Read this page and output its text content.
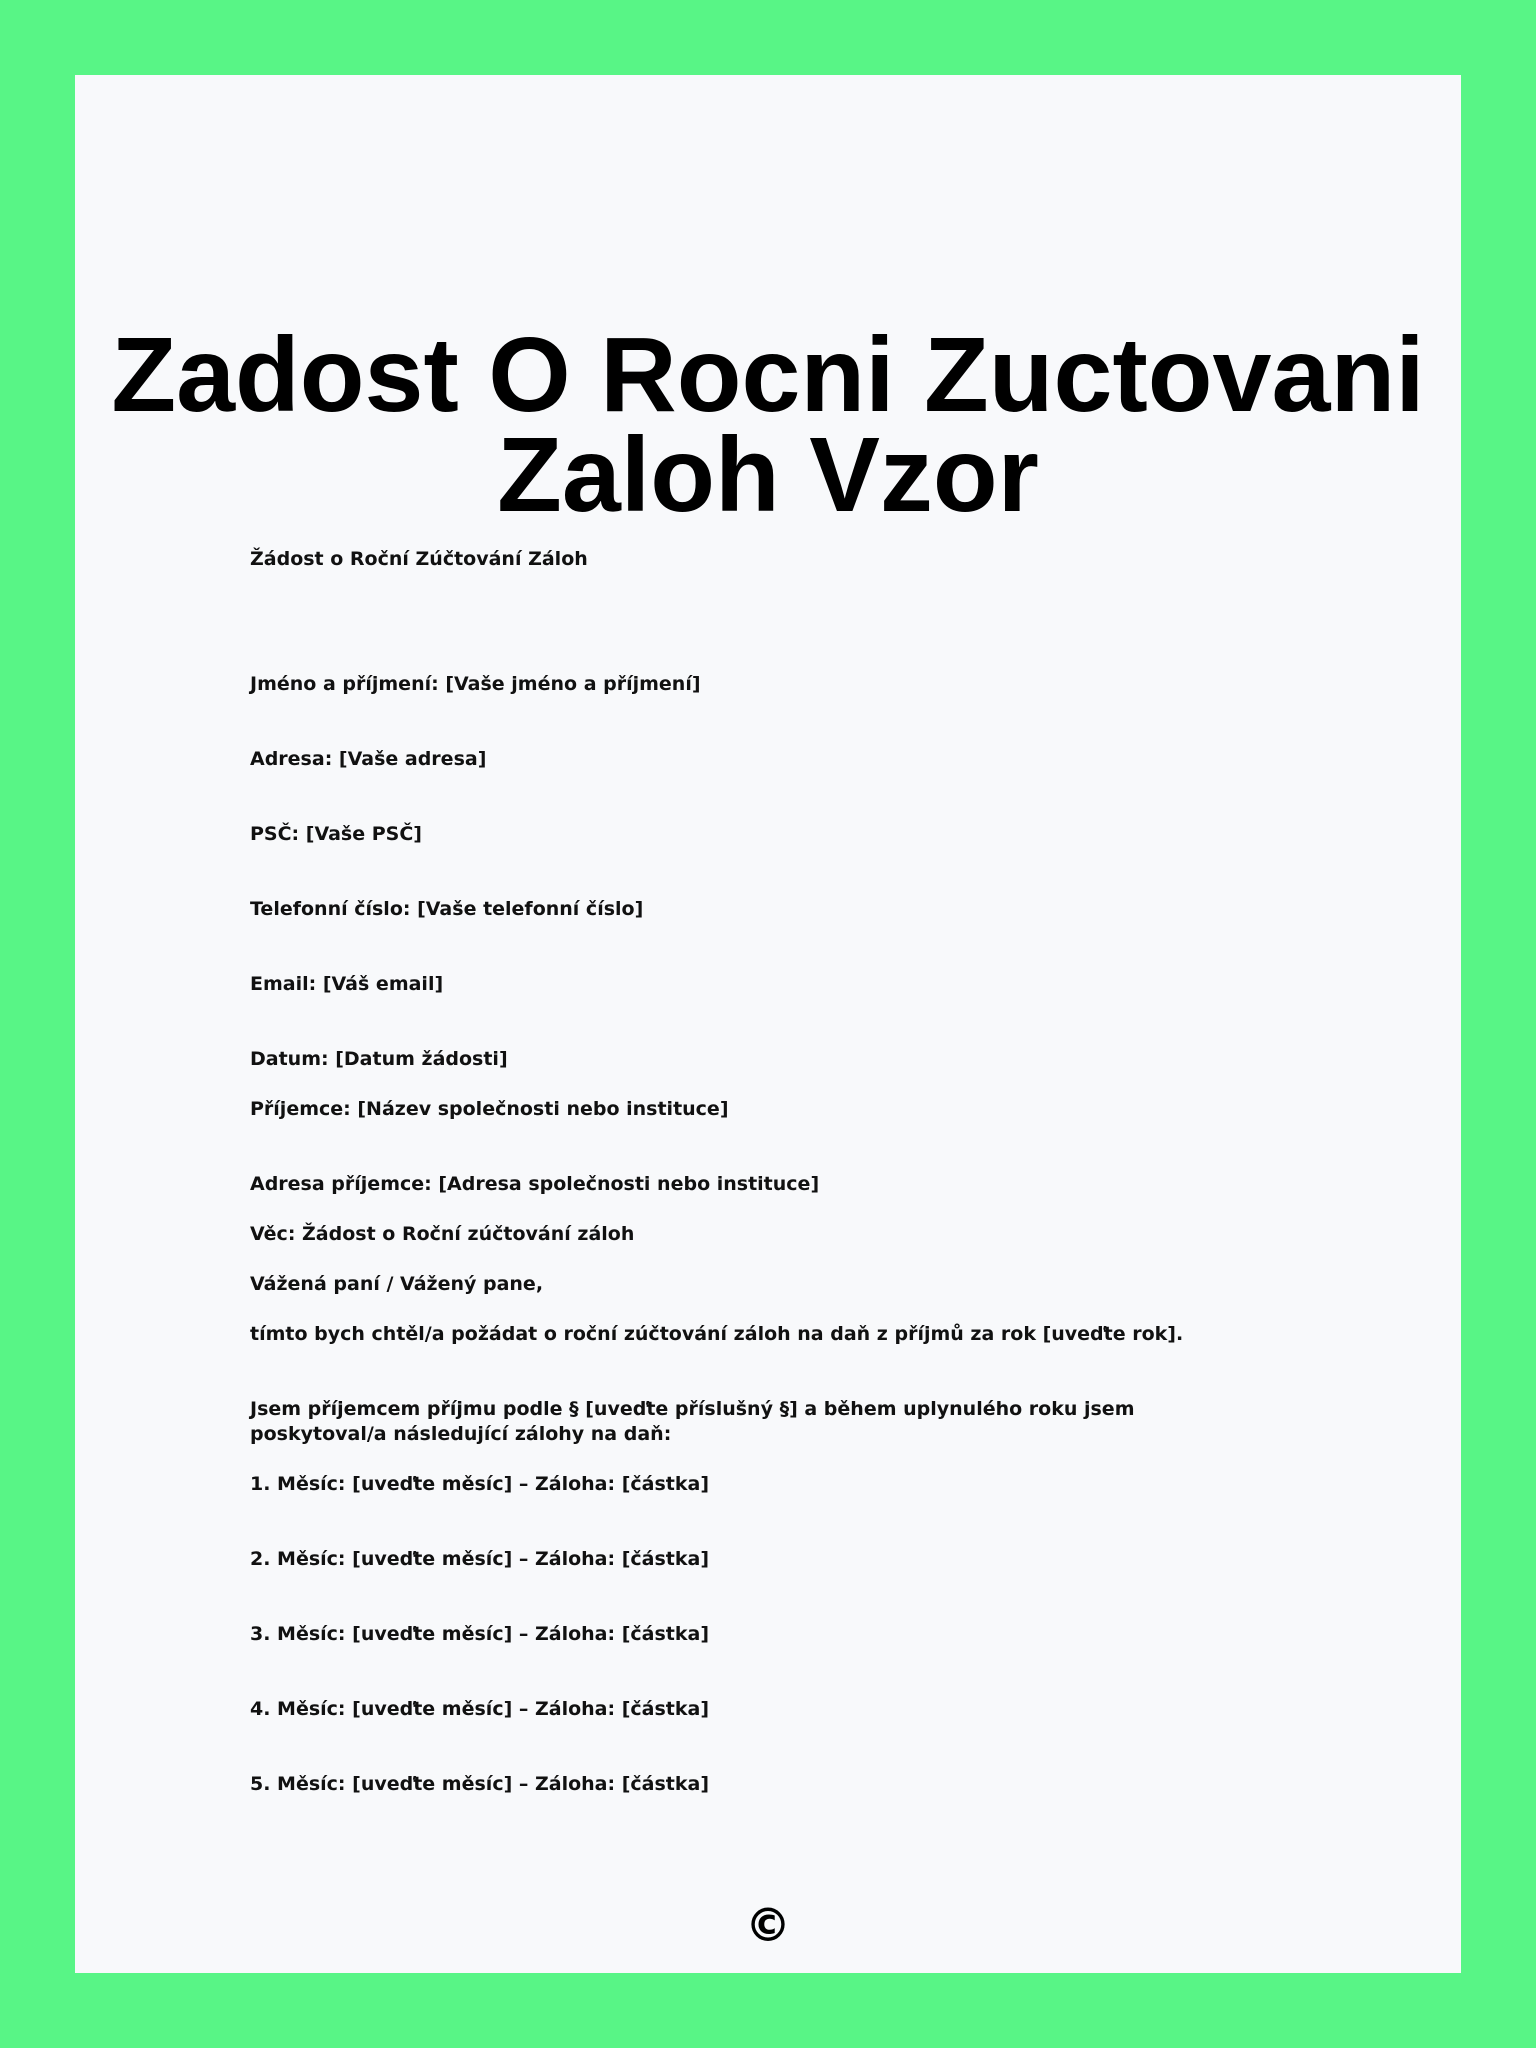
Zadost O Rocni Zuctovani Zaloh Vzor

Žádost o Roční Zúčtování Záloh

Jméno a příjmení: [Vaše jméno a příjmení]

Adresa: [Vaše adresa]

PSČ: [Vaše PSČ]

Telefonní číslo: [Vaše telefonní číslo]

Email: [Váš email]

Datum: [Datum žádosti]

Příjemce: [Název společnosti nebo instituce]

Adresa příjemce: [Adresa společnosti nebo instituce]

Věc: Žádost o Roční zúčtování záloh

Vážená paní / Vážený pane,

tímto bych chtěl/a požádat o roční zúčtování záloh na daň z příjmů za rok [uveďte rok].

Jsem příjemcem příjmu podle § [uveďte příslušný §] a během uplynulého roku jsem poskytoval/a následující zálohy na daň:

1. Měsíc: [uveďte měsíc] – Záloha: [částka]

2. Měsíc: [uveďte měsíc] – Záloha: [částka]

3. Měsíc: [uveďte měsíc] – Záloha: [částka]

4. Měsíc: [uveďte měsíc] – Záloha: [částka]

5. Měsíc: [uveďte měsíc] – Záloha: [částka]

©
